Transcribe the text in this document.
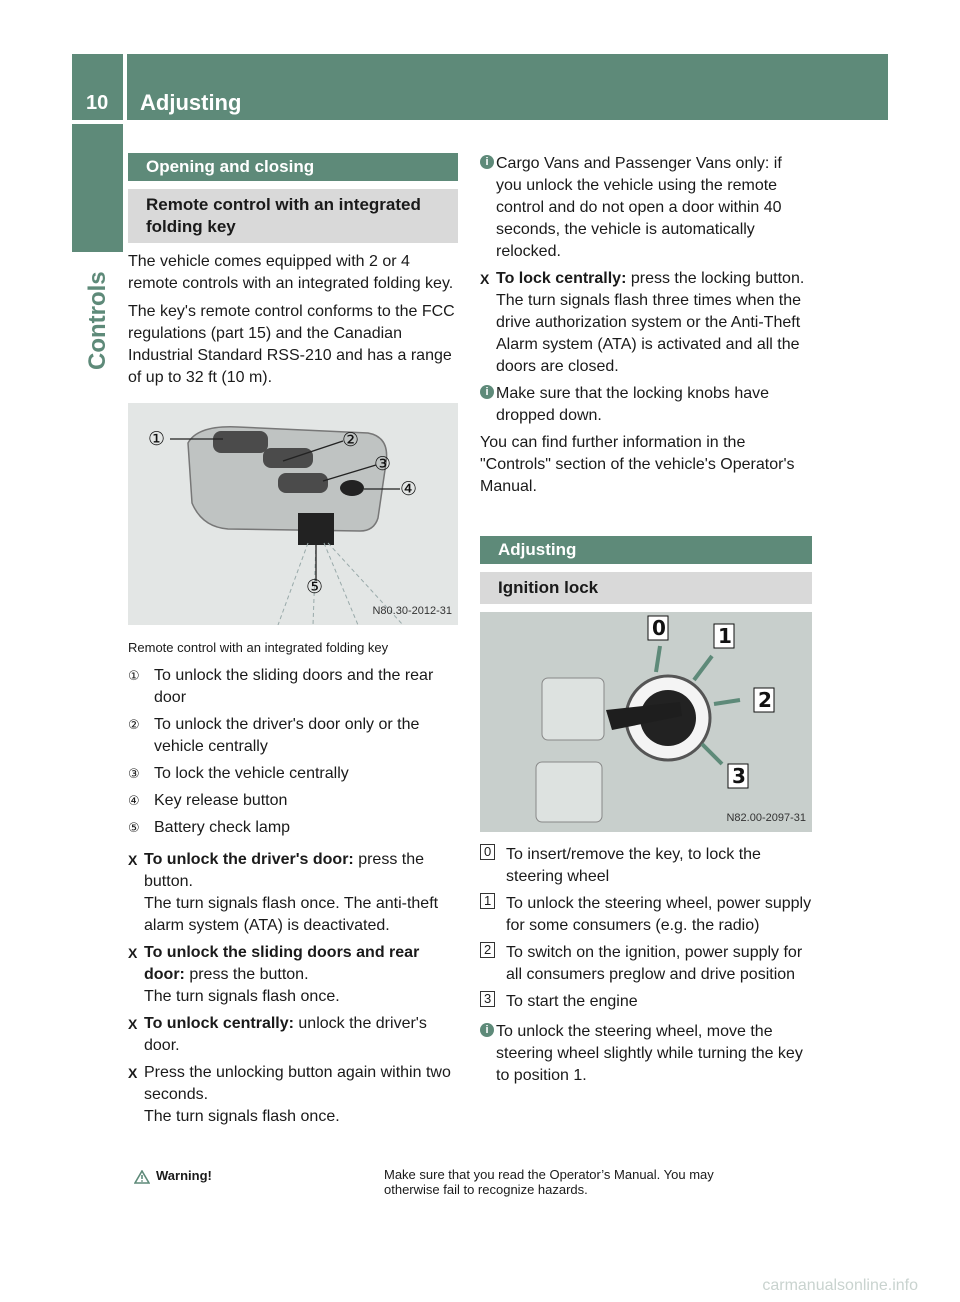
10 Adjusting
Controls
Opening and closing
Remote control with an integrated folding key

The vehicle comes equipped with 2 or 4 remote controls with an integrated folding key.

The key's remote control conforms to the FCC regulations (part 15) and the Canadian Industrial Standard RSS-210 and has a range of up to 32 ft (10 m).

①	②
③
④
⑤
N80.30-2012-31
Remote control with an integrated folding key
① To unlock the sliding doors and the rear door
② To unlock the driver's door only or the vehicle centrally
③ To lock the vehicle centrally
④ Key release button
⑤ Battery check lamp
X To unlock the driver's door: press the button.
The turn signals flash once. The anti-theft alarm system (ATA) is deactivated.
X To unlock the sliding doors and rear door: press the button.
The turn signals flash once.
X To unlock centrally: unlock the driver's door.
X Press the unlocking button again within two seconds.
The turn signals flash once.
i Cargo Vans and Passenger Vans only: if you unlock the vehicle using the remote control and do not open a door within 40 seconds, the vehicle is automatically relocked.
X To lock centrally: press the locking button.
The turn signals flash three times when the drive authorization system or the Anti-Theft Alarm system (ATA) is activated and all the doors are closed.
i Make sure that the locking knobs have dropped down.

You can find further information in the "Controls" section of the vehicle's Operator's Manual.

Adjusting
Ignition lock
0	1
2
3
N82.00-2097-31
0 To insert/remove the key, to lock the steering wheel
1 To unlock the steering wheel, power supply for some consumers (e.g. the radio)
2 To switch on the ignition, power supply for all consumers preglow and drive position
3 To start the engine
i To unlock the steering wheel, move the steering wheel slightly while turning the key to position 1.
Warning!	Make sure that you read the Operator’s Manual. You may otherwise fail to recognize hazards.
carmanualsonline.info
